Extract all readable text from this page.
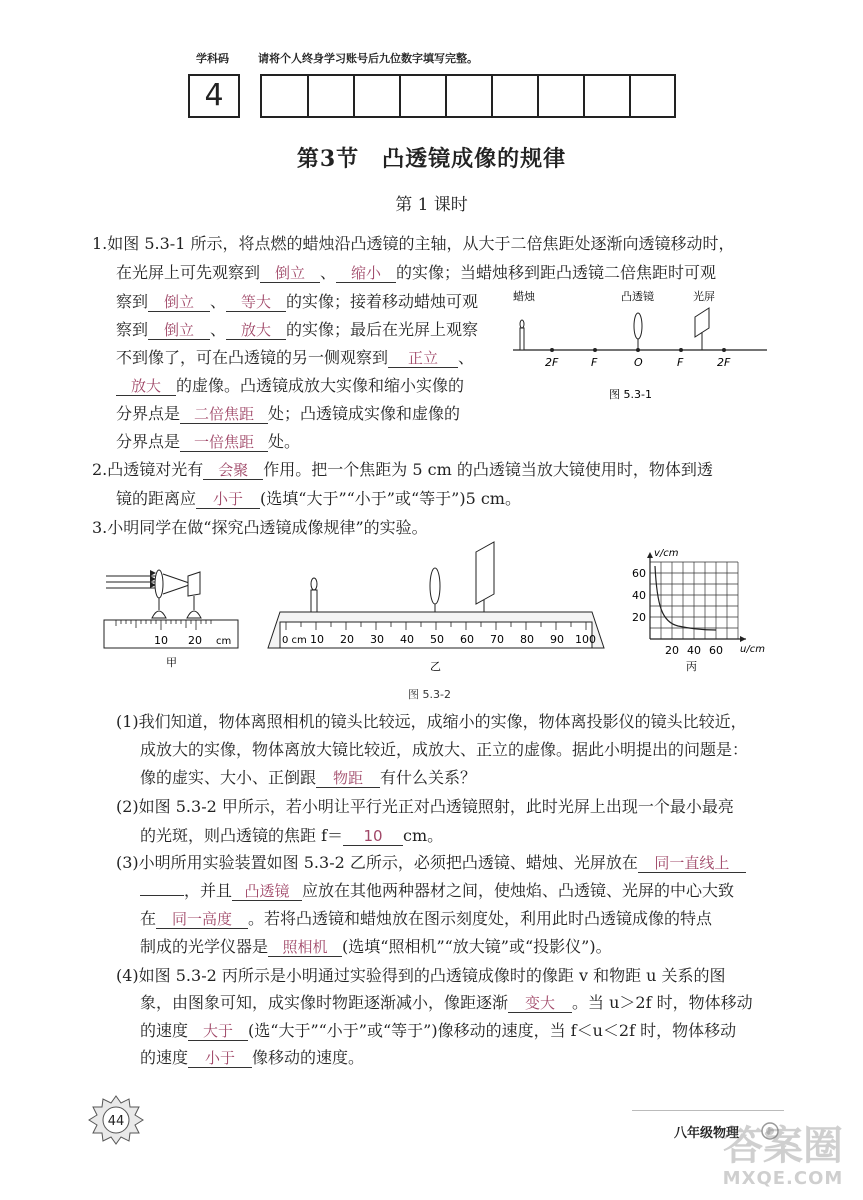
学科码	请将个人终身学习账号后九位数字填写完整。
4
第3节　凸透镜成像的规律
第 1 课时
1.如图 5.3-1 所示，将点燃的蜡烛沿凸透镜的主轴，从大于二倍焦距处逐渐向透镜移动时，
在光屏上可先观察到 倒立 、 缩小 的实像；当蜡烛移到距凸透镜二倍焦距时可观
察到 倒立 、 等大 的实像；接着移动蜡烛可观
察到 倒立 、 放大 的实像；最后在光屏上观察
不到像了，可在凸透镜的另一侧观察到 正立 、
放大 的虚像。凸透镜成放大实像和缩小实像的
分界点是 二倍焦距 处；凸透镜成实像和虚像的
分界点是 一倍焦距 处。
蜡烛	凸透镜	光屏
2F	F	O	F	2F
图 5.3-1
2.凸透镜对光有 会聚 作用。把一个焦距为 5 cm 的凸透镜当放大镜使用时，物体到透
镜的距离应 小于 (选填“大于”“小于”或“等于”)5 cm。
3.小明同学在做“探究凸透镜成像规律”的实验。
10 20 cm
甲
0 cm 10 20 30 40 50 60 70 80 90 100
乙
v/cm
u/cm
60
40
20
20 40 60
丙
图 5.3-2
(1)我们知道，物体离照相机的镜头比较远，成缩小的实像，物体离投影仪的镜头比较近，
成放大的实像，物体离放大镜比较近，成放大、正立的虚像。据此小明提出的问题是：
像的虚实、大小、正倒跟 物距 有什么关系？
(2)如图 5.3-2 甲所示，若小明让平行光正对凸透镜照射，此时光屏上出现一个最小最亮
的光斑，则凸透镜的焦距 f＝ 10 cm。
(3)小明所用实验装置如图 5.3-2 乙所示，必须把凸透镜、蜡烛、光屏放在 同一直线上
，并且 凸透镜 应放在其他两种器材之间，使烛焰、凸透镜、光屏的中心大致
在 同一高度 。若将凸透镜和蜡烛放在图示刻度处，利用此时凸透镜成像的特点
制成的光学仪器是 照相机 (选填“照相机”“放大镜”或“投影仪”)。
(4)如图 5.3-2 丙所示是小明通过实验得到的凸透镜成像时的像距 v 和物距 u 关系的图
象，由图象可知，成实像时物距逐渐减小，像距逐渐 变大 。当 u＞2f 时，物体移动
的速度 大于 (选“大于”“小于”或“等于”)像移动的速度，当 f＜u＜2f 时，物体移动
的速度 小于 像移动的速度。
44
八年级物理
答案圈
MXQE.COM
